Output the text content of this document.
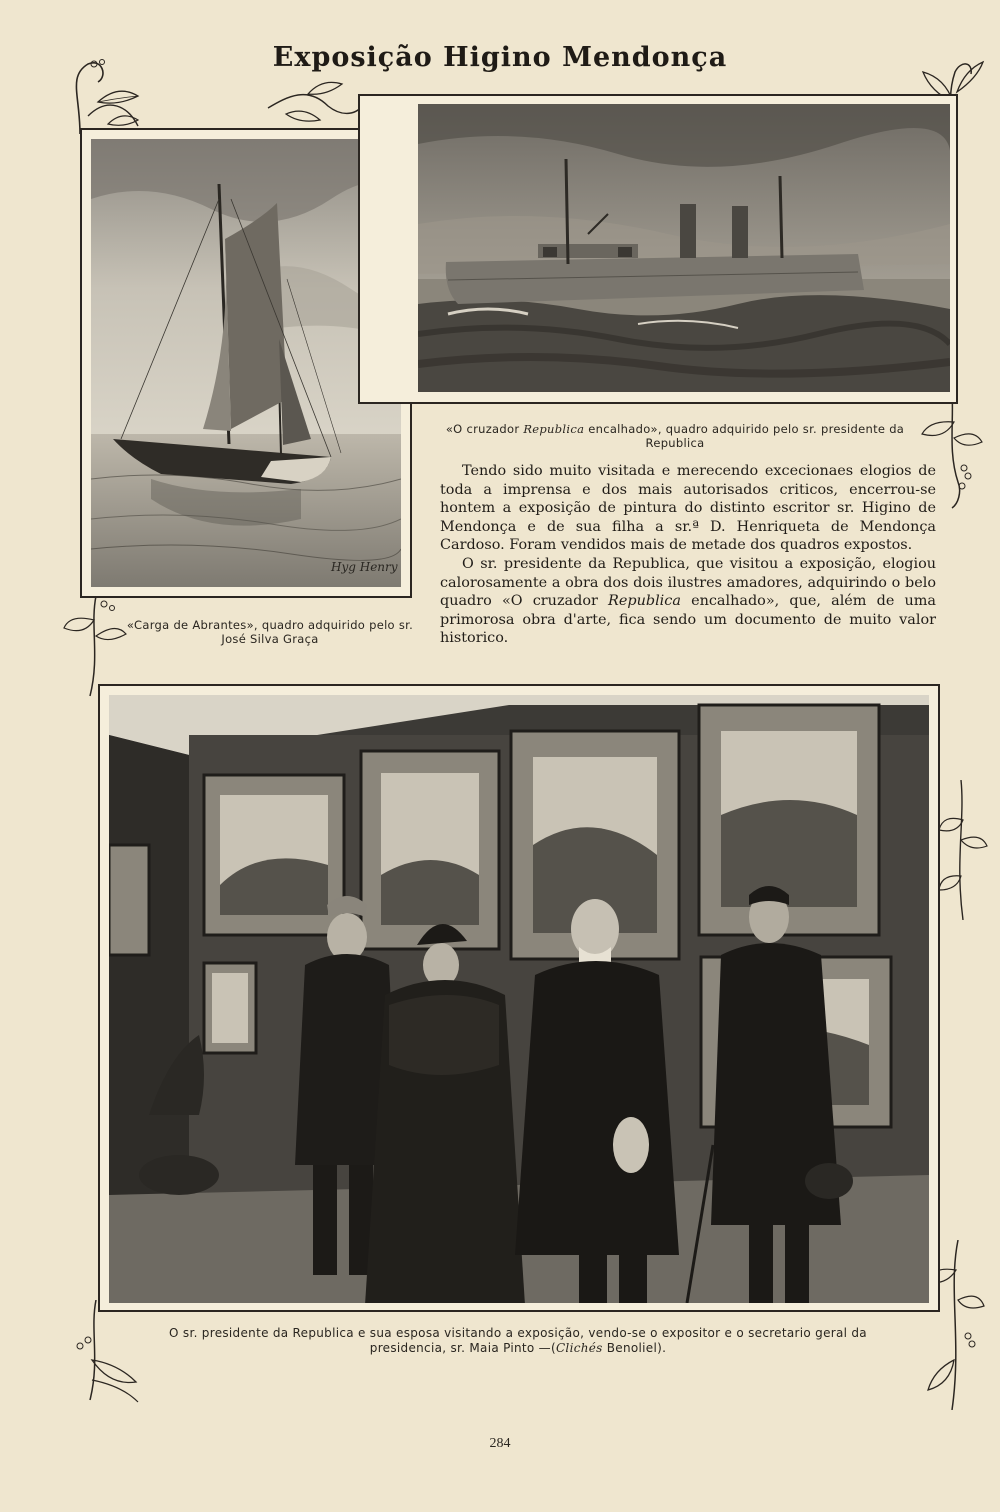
Exposição Higino Mendonça
Hyg Henry
«Carga de Abrantes», quadro adquirido pelo sr. José Silva Graça
«O cruzador Republica encalhado», quadro adquirido pelo sr. presidente da Republica

Tendo sido muito visitada e merecendo excecionaes elogios de toda a imprensa e dos mais autorisados criticos, encerrou-se hontem a exposição de pintura do distinto escritor sr. Higino de Mendonça e de sua filha a sr.ª D. Henriqueta de Mendonça Cardoso. Foram vendidos mais de metade dos quadros expostos.

O sr. presidente da Republica, que visitou a exposição, elogiou calorosamente a obra dos dois ilustres amadores, adquirindo o belo quadro «O cruzador Republica encalhado», que, além de uma primorosa obra d'arte, fica sendo um documento de muito valor historico.

O sr. presidente da Republica e sua esposa visitando a exposição, vendo-se o expositor e o secretario geral da presidencia, sr. Maia Pinto —(Clichés Benoliel).
284
